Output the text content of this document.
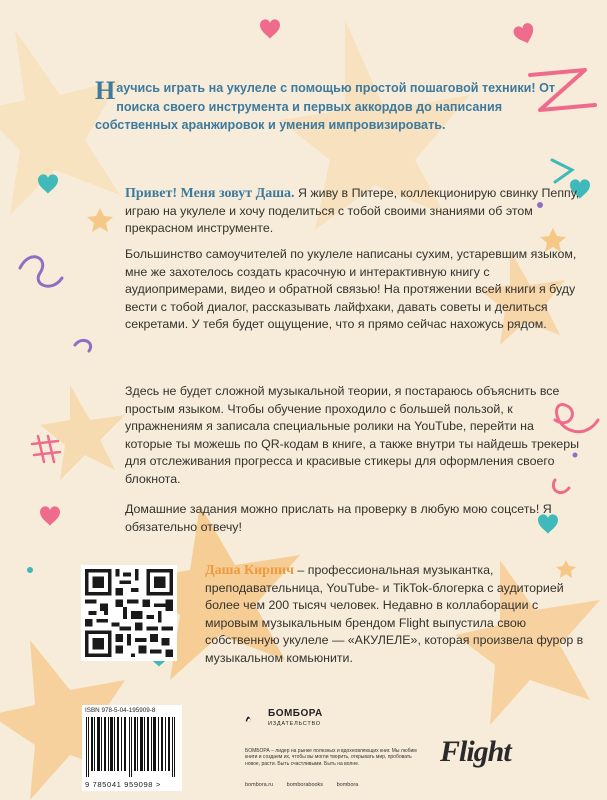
Научись играть на укулеле с помощью простой пошаговой техники! От поиска своего инструмента и первых аккордов до написания собственных аранжировок и умения импровизировать.
Привет! Меня зовут Даша. Я живу в Питере, коллекционирую свинку Пеппу, играю на укулеле и хочу поделиться с тобой своими знаниями об этом прекрасном инструменте.
Большинство самоучителей по укулеле написаны сухим, устаревшим языком, мне же захотелось создать красочную и интерактивную книгу с аудиопримерами, видео и обратной связью! На протяжении всей книги я буду вести с тобой диалог, рассказывать лайфхаки, давать советы и делиться секретами. У тебя будет ощущение, что я прямо сейчас нахожусь рядом.
Здесь не будет сложной музыкальной теории, я постараюсь объяснить все простым языком. Чтобы обучение проходило с большей пользой, к упражнениям я записала специальные ролики на YouTube, перейти на которые ты можешь по QR-кодам в книге, а также внутри ты найдешь трекеры для отслеживания прогресса и красивые стикеры для оформления своего блокнота.
Домашние задания можно прислать на проверку в любую мою соцсеть! Я обязательно отвечу!
Даша Кирпич – профессиональная музыкантка, преподавательница, YouTube- и TikTok-блогерка с аудиторией более чем 200 тысяч человек. Недавно в коллаборации с мировым музыкальным брендом Flight выпустила свою собственную укулеле — «АКУЛЕЛЕ», которая произвела фурор в музыкальном комьюнити.
ISBN 978-5-04-195909-8
9 785041 959098 >
БОМБОРА
ИЗДАТЕЛЬСТВО
БОМБОРА – лидер на рынке полезных и вдохновляющих книг. Мы любим книги и создаем их, чтобы вы могли творить, открывать мир, пробовать новое, расти. Быть счастливыми. Быть на волне.
bombora.ru bomborabooks bombora
Flight
